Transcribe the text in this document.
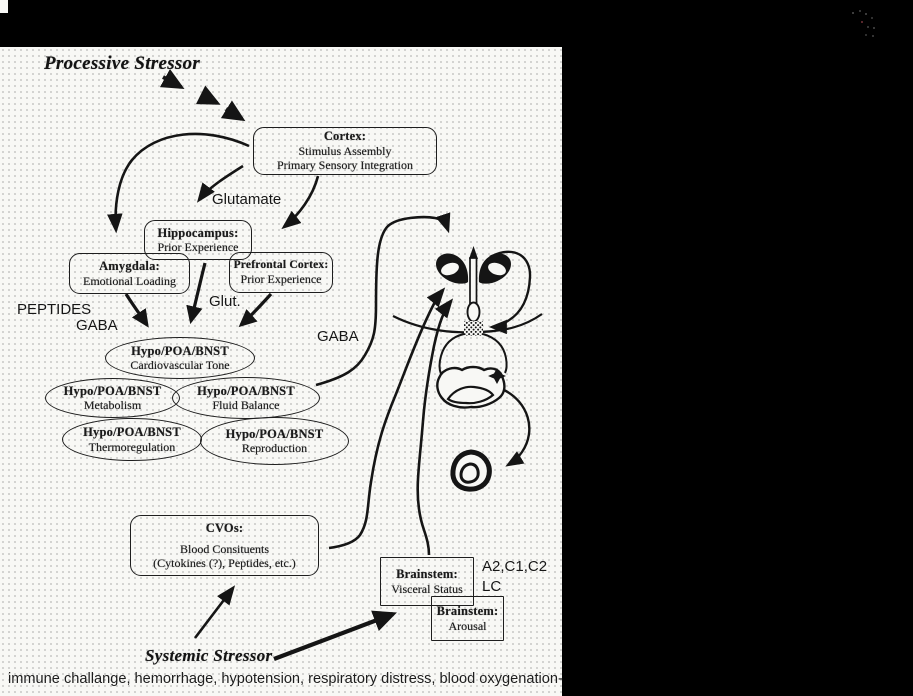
Processive Stressor
Systemic Stressor
Cortex:
Stimulus Assembly
Primary Sensory Integration
Hippocampus:
Prior Experience
Amygdala:
Emotional Loading
Prefrontal Cortex:
Prior Experience
Hypo/POA/BNST
Cardiovascular Tone
Hypo/POA/BNST
Metabolism
Hypo/POA/BNST
Fluid Balance
Hypo/POA/BNST
Thermoregulation
Hypo/POA/BNST
Reproduction
CVOs:
Blood Consituents
(Cytokines (?), Peptides, etc.)
Brainstem:
Visceral Status
Brainstem:
Arousal
Glutamate
PEPTIDES
GABA
Glut.
GABA
A2,C1,C2
LC
immune challange, hemorrhage, hypotension, respiratory distress, blood oxygenation-
